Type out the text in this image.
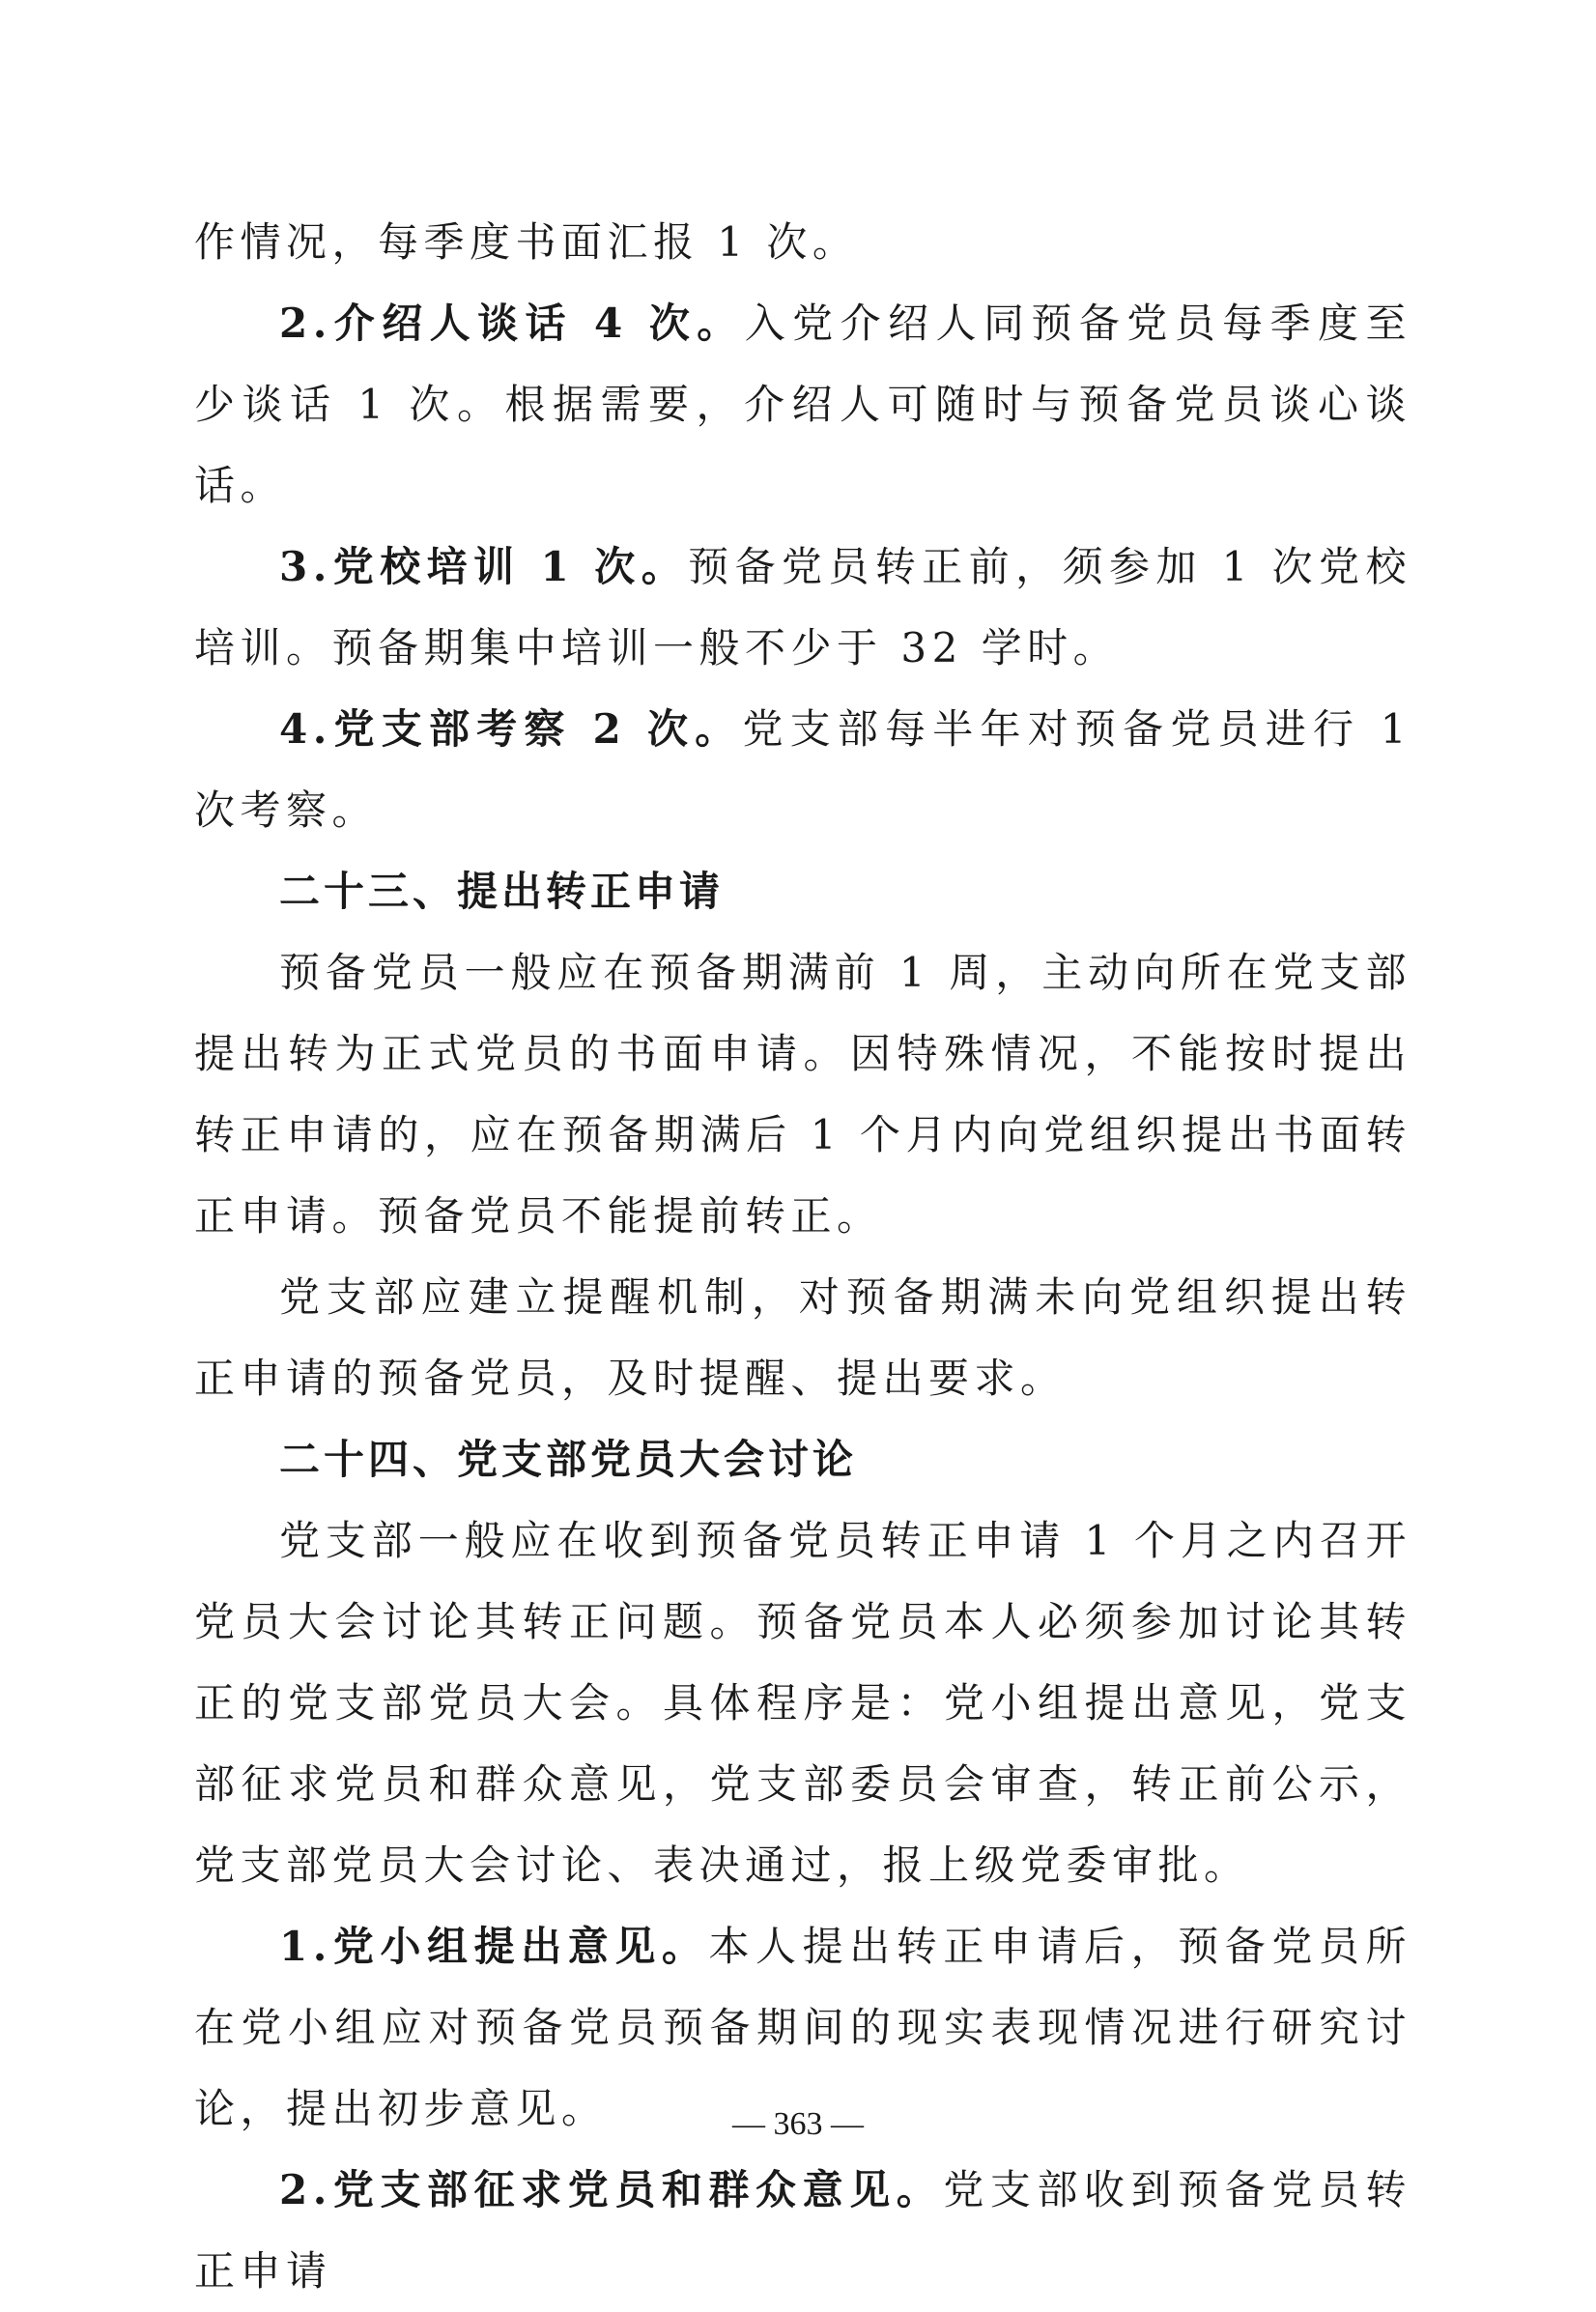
作情况，每季度书面汇报 1 次。

2.介绍人谈话 4 次。入党介绍人同预备党员每季度至少谈话 1 次。根据需要，介绍人可随时与预备党员谈心谈话。

3.党校培训 1 次。预备党员转正前，须参加 1 次党校培训。预备期集中培训一般不少于 32 学时。

4.党支部考察 2 次。党支部每半年对预备党员进行 1 次考察。

二十三、提出转正申请

预备党员一般应在预备期满前 1 周，主动向所在党支部提出转为正式党员的书面申请。因特殊情况，不能按时提出转正申请的，应在预备期满后 1 个月内向党组织提出书面转正申请。预备党员不能提前转正。

党支部应建立提醒机制，对预备期满未向党组织提出转正申请的预备党员，及时提醒、提出要求。

二十四、党支部党员大会讨论

党支部一般应在收到预备党员转正申请 1 个月之内召开党员大会讨论其转正问题。预备党员本人必须参加讨论其转正的党支部党员大会。具体程序是：党小组提出意见，党支部征求党员和群众意见，党支部委员会审查，转正前公示，党支部党员大会讨论、表决通过，报上级党委审批。

1.党小组提出意见。本人提出转正申请后，预备党员所在党小组应对预备党员预备期间的现实表现情况进行研究讨论，提出初步意见。

2.党支部征求党员和群众意见。党支部收到预备党员转正申请

— 363 —
